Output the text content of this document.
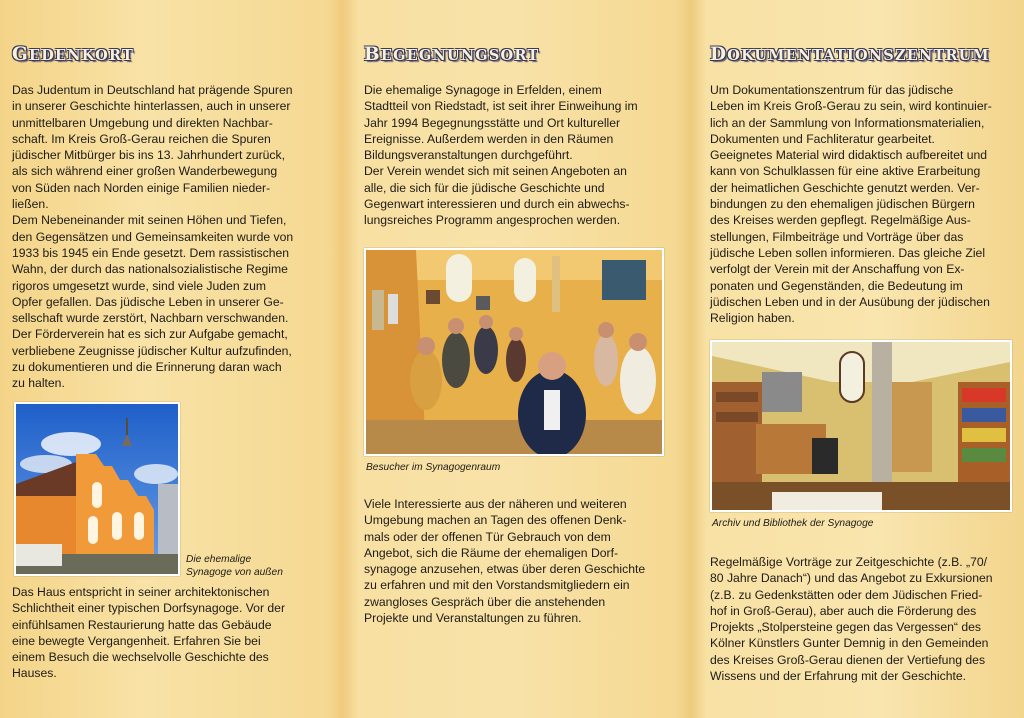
GEDENKORT
Das Judentum in Deutschland hat prägende Spuren
in unserer Geschichte hinterlassen, auch in unserer
unmittelbaren Umgebung und direkten Nachbar-
schaft. Im Kreis Groß-Gerau reichen die Spuren
jüdischer Mitbürger bis ins 13. Jahrhundert zurück,
als sich während einer großen Wanderbewegung
von Süden nach Norden einige Familien nieder-
ließen.
Dem Nebeneinander mit seinen Höhen und Tiefen,
den Gegensätzen und Gemeinsamkeiten wurde von
1933 bis 1945 ein Ende gesetzt. Dem rassistischen
Wahn, der durch das nationalsozialistische Regime
rigoros umgesetzt wurde, sind viele Juden zum
Opfer gefallen. Das jüdische Leben in unserer Ge-
sellschaft wurde zerstört, Nachbarn verschwanden.
Der Förderverein hat es sich zur Aufgabe gemacht,
verbliebene Zeugnisse jüdischer Kultur aufzufinden,
zu dokumentieren und die Erinnerung daran wach
zu halten.
Die ehemalige
Synagoge von außen
Das Haus entspricht in seiner architektonischen
Schlichtheit einer typischen Dorfsynagoge. Vor der
einfühlsamen Restaurierung hatte das Gebäude
eine bewegte Vergangenheit. Erfahren Sie bei
einem Besuch die wechselvolle Geschichte des
Hauses.
BEGEGNUNGSORT
Die ehemalige Synagoge in Erfelden, einem
Stadtteil von Riedstadt, ist seit ihrer Einweihung im
Jahr 1994 Begegnungsstätte und Ort kultureller
Ereignisse. Außerdem werden in den Räumen
Bildungsveranstaltungen durchgeführt.
Der Verein wendet sich mit seinen Angeboten an
alle, die sich für die jüdische Geschichte und
Gegenwart interessieren und durch ein abwechs-
lungsreiches Programm angesprochen werden.
Besucher im Synagogenraum
Viele Interessierte aus der näheren und weiteren
Umgebung machen an Tagen des offenen Denk-
mals oder der offenen Tür Gebrauch von dem
Angebot, sich die Räume der ehemaligen Dorf-
synagoge anzusehen, etwas über deren Geschichte
zu erfahren und mit den Vorstandsmitgliedern ein
zwangloses Gespräch über die anstehenden
Projekte und Veranstaltungen zu führen.
DOKUMENTATIONSZENTRUM
Um Dokumentationszentrum für das jüdische
Leben im Kreis Groß-Gerau zu sein, wird kontinuier-
lich an der Sammlung von Informationsmaterialien,
Dokumenten und Fachliteratur gearbeitet.
Geeignetes Material wird didaktisch aufbereitet und
kann von Schulklassen für eine aktive Erarbeitung
der heimatlichen Geschichte genutzt werden. Ver-
bindungen zu den ehemaligen jüdischen Bürgern
des Kreises werden gepflegt. Regelmäßige Aus-
stellungen, Filmbeiträge und Vorträge über das
jüdische Leben sollen informieren. Das gleiche Ziel
verfolgt der Verein mit der Anschaffung von Ex-
ponaten und Gegenständen, die Bedeutung im
jüdischen Leben und in der Ausübung der jüdischen
Religion haben.
Archiv und Bibliothek der Synagoge
Regelmäßige Vorträge zur Zeitgeschichte (z.B. „70/
80 Jahre Danach“) und das Angebot zu Exkursionen
(z.B. zu Gedenkstätten oder dem Jüdischen Fried-
hof in Groß-Gerau), aber auch die Förderung des
Projekts „Stolpersteine gegen das Vergessen“ des
Kölner Künstlers Gunter Demnig in den Gemeinden
des Kreises Groß-Gerau dienen der Vertiefung des
Wissens und der Erfahrung mit der Geschichte.
